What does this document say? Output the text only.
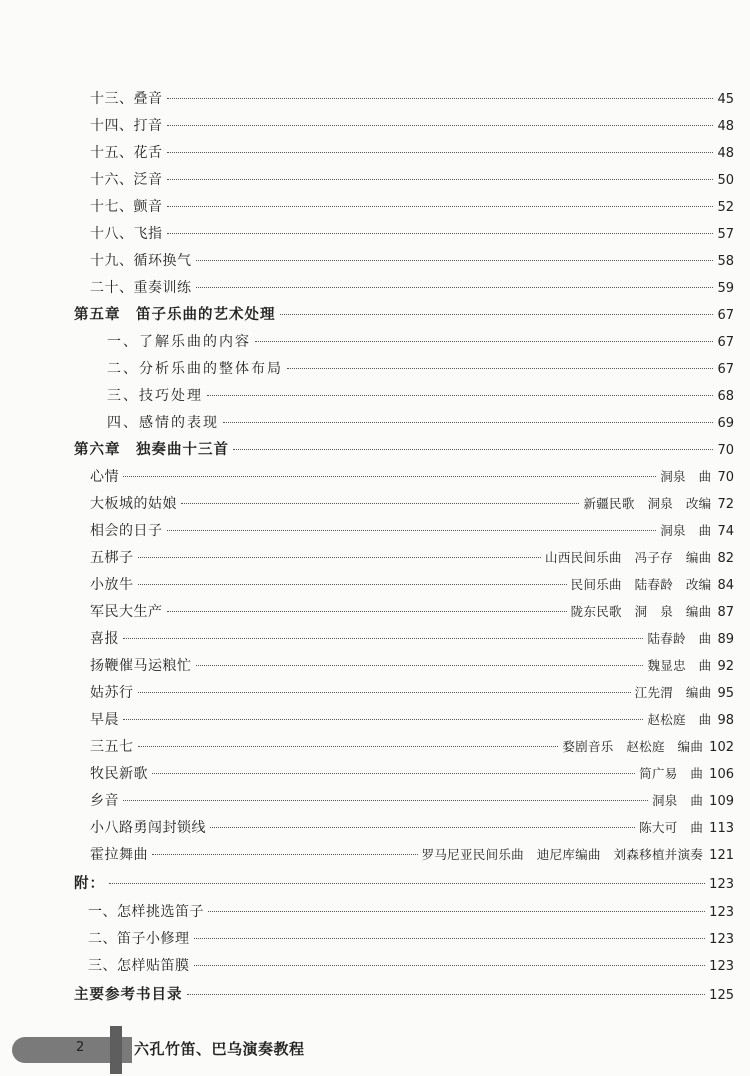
十三、叠音	45
十四、打音	48
十五、花舌	48
十六、泛音	50
十七、颤音	52
十八、飞指	57
十九、循环换气	58
二十、重奏训练	59
第五章　笛子乐曲的艺术处理	67
一、了解乐曲的内容	67
二、分析乐曲的整体布局	67
三、技巧处理	68
四、感情的表现	69
第六章　独奏曲十三首	70
心情	洞泉　曲 70
大板城的姑娘	新疆民歌　洞泉　改编 72
相会的日子	洞泉　曲 74
五梆子	山西民间乐曲　冯子存　编曲 82
小放牛	民间乐曲　陆春龄　改编 84
军民大生产	陇东民歌　洞　泉　编曲 87
喜报	陆春龄　曲 89
扬鞭催马运粮忙	魏显忠　曲 92
姑苏行	江先渭　编曲 95
早晨	赵松庭　曲 98
三五七	婺剧音乐　赵松庭　编曲 102
牧民新歌	简广易　曲 106
乡音	洞泉　曲 109
小八路勇闯封锁线	陈大可　曲 113
霍拉舞曲	罗马尼亚民间乐曲　迪尼库编曲　刘森移植并演奏 121
附：	123
一、怎样挑选笛子	123
二、笛子小修理	123
三、怎样贴笛膜	123
主要参考书目录	125
2	六孔竹笛、巴乌演奏教程
